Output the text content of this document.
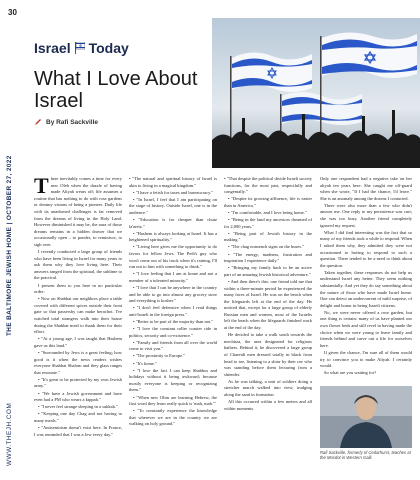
30
THE BALTIMORE JEWISH HOME | OCTOBER 27, 2022
WWW.THEJH.COM
Israel Today
What I Love About Israel
By Rafi Sackville
T here inevitably comes a time for every new Oleh when the dazzle of having made Aliyah wears off; life assumes a routine that has nothing to do with rose gardens or dreamy visions of being a pioneer. Daily life with its unadorned challenges is far removed from the dreams of living in the Holy Land. However diminished it may be, the aura of those dreams remains in a hidden drawer that we occasionally open – to ponder, to reminisce, to sigh over.

I recently conducted a large group of friends who have been living in Israel for many years to ask them why they love living here. Their answers ranged from the spiritual, the sublime to the practical.

I present them to you here in no particular order:

• Now on Shabbat our neighbors place a table covered with different spices outside their front gate so that passersby can make berachot. I've watched total strangers walk into their house during the Shabbat meal to thank them for their effort.

• "At a young age, I was taught that Hashem gave us this land."

• "Surrounded by Jews is a great feeling; how good is it when the news readers wishes everyone Shabbat Shalom and they glass ranges that resonate."

• "It's great to be protected by my own Jewish army."

• "We have a Jewish government and have even had a PM who wears a kippah."

• "I never feel strange sleeping in a sukkah."

• "Keeping one day Chag and not having to many meals."

• "Antisemitism doesn't exist here. In France, I was reminded that I was a Jew every day."

• "The natural and spiritual history of Israel is akin to living in a magical kingdom."

• "I have a fetish for taxes and bureaucracy."

• "In Israel, I feel that I am participating on the stage of history. Outside Israel, one is in the audience."

• "Education is far cheaper than chutz la'aretz."

• "Hashem is always looking at Israel. It has a heightened spirituality."

• "Living here gives me the opportunity to do favors for fellow Jews. The Pedi's guy who won't come out of his truck when it's raining, I'll run out to him with something to drink."

• "I love feeling that I am at home and not a member of a tolerated minority."

• "I love that I can be anywhere in the country and be able to go into almost any grocery store and everything is kosher."

• "I don't feel defensive when I read things anti-Israeli in the foreign press."

• "Better to be part of the majority than not."

• "I love the constant roller coaster ride in politics, security and co-existence."

• "Family and friends from all over the world come to visit you."

• "The proximity to Europe."

• "It's home."

• "I love the fact I can keep Shabbos and holidays without it being awkward; because mostly everyone is keeping or recognizing them."

• "When new Olim are learning Hebrew, the first word they learn really quick is 'mah, mah.'"

• "To constantly experience the knowledge that wherever we are in the country we are walking on holy ground."

• "That despite the political divide Israeli society functions, for the most part, respectfully and congenially."

• "Despite its growing affluence, life is easier than in America."

• "I'm comfortable, and I love being home."

• "Being in the land my ancestors dreamed of for 2,000 years."

• "Being part of Jewish history in the making."

• "The chag nonsench signs on the buses."

• "The energy, madness, frustration and inspiration I experience daily."

• "Bringing my family back to be an active part of an amazing Jewish historical adventure."

• And then there's this: one friend told me that within a three-minute period he experienced the many faces of Israel. He was on the beach when the lifeguards left at the end of the day. He noticed that, except for a large group of elderly Russian men and women, most of the Israelis left the beach when the lifeguards finished work at the end of the day.

He decided to take a walk south towards the mechitza, the area designated for religious bathers. Behind it, he discovered a large group of Chareidi men dressed totally in black from head to toe, listening to a shiur by their rav who was standing before them lecturing from a shtender.

As he was talking, a unit of soldiers doing a stretcher march walked into view, trudging along the sand in formation.

All this occurred within a few meters and all within moments.

Only one respondent had a negative take on her aliyah ten years here: She caught me off-guard when she wrote, "If I had the chance, I'd leave." She is an anomaly among the dozens I contacted.

There were also more than a few who didn't answer me. One reply to my persistence was curt; she was too busy. Another friend completely ignored my request.

What I did find interesting was the fact that so many of my friends took a while to respond. When I asked them why, they admitted they were not accustomed to having to respond to such a question. There tended to be a need to think about the question.

Taken together, these responses do not help us understand Israel any better. They seem nothing substantially. And yet they do say something about the nature of those who have made Israel home. One can detect an undercurrent of mild surprise, of delight and honor in being Israeli citizens.

No, we were never offered a rose garden, but one thing is certain: many of us have planted our own flower beds and still revel in having made the choice when we were young to leave family and friends behind and carve out a life for ourselves here.

If given the chance, I'm sure all of them would try to convince you to make Aliyah. I certainly would.

So what are you waiting for?

Rafi Sackville, formerly of Cedarhurst, teaches at the Mosdot in Western Galil.
